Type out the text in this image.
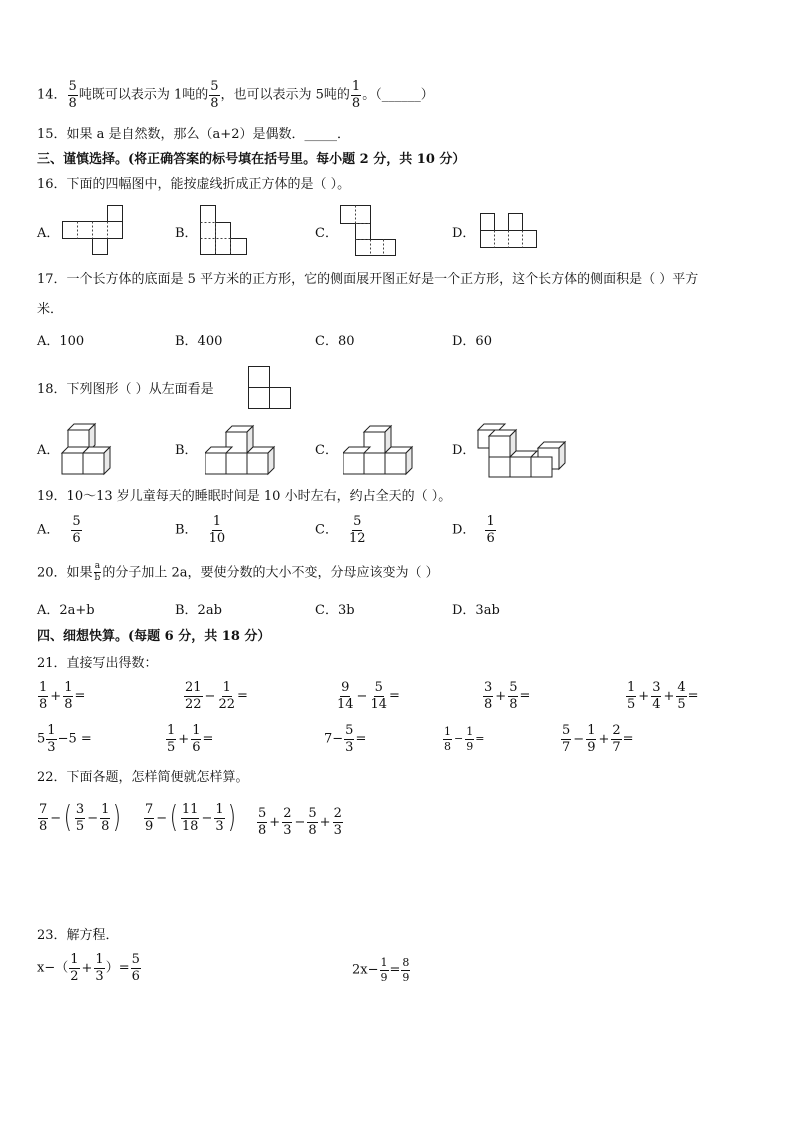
14． $\frac{5}{8}$ 吨既可以表示为 1吨的 $\frac{5}{8}$ ，也可以表示为 5吨的 $\frac{1}{8}$ 。（______）
15．如果 a 是自然数，那么（a+2）是偶数．_____．
三、谨慎选择。(将正确答案的标号填在括号里。每小题 2 分，共 10 分）
16．下面的四幅图中，能按虚线折成正方体的是（ ）。
A．	B．	C．	D．
17．一个长方体的底面是 5 平方米的正方形，它的侧面展开图正好是一个正方形，这个长方体的侧面积是（ ）平方
米．
A．100	B．400	C．80	D．60
18．下列图形（ ）从左面看是
A．	B．	C．	D．
19．10～13 岁儿童每天的睡眠时间是 10 小时左右，约占全天的（ ）。
A． $\frac{5}{6}$	B． $\frac{1}{10}$	C． $\frac{5}{12}$	D． $\frac{1}{6}$
20．如果 $\frac{a}{b}$ 的分子加上 2a，要使分数的大小不变，分母应该变为（ ）
A．2a+b	B．2ab	C．3b	D．3ab
四、细想快算。(每题 6 分，共 18 分）
21．直接写出得数：
$\frac{1}{8} + \frac{1}{8}$ =	$\frac{21}{22} - \frac{1}{22}$ =	$\frac{9}{14} - \frac{5}{14}$ =	$\frac{3}{8} + \frac{5}{8}$ =	$\frac{1}{5} + \frac{3}{4} + \frac{4}{5}$ =
$5 \frac{1}{3} -5$ =	$\frac{1}{5} + \frac{1}{6}$ =	$7- \frac{5}{3}$ =	$\frac{1}{8} - \frac{1}{9}$ =	$\frac{5}{7} - \frac{1}{9} + \frac{2}{7}$ =
22．下面各题，怎样简便就怎样算。
$\frac{7}{8}$ −( $\frac{3}{5} - \frac{1}{8}$ ) $\frac{7}{9}$ −( $\frac{11}{18} - \frac{1}{3}$ ) $\frac{5}{8} + \frac{2}{3} - \frac{5}{8} + \frac{2}{3}$
23．解方程．
$x-( \frac{1}{2} + \frac{1}{3}$ ）= $\frac{5}{6}$	$2x- \frac{1}{9} = \frac{8}{9}$
